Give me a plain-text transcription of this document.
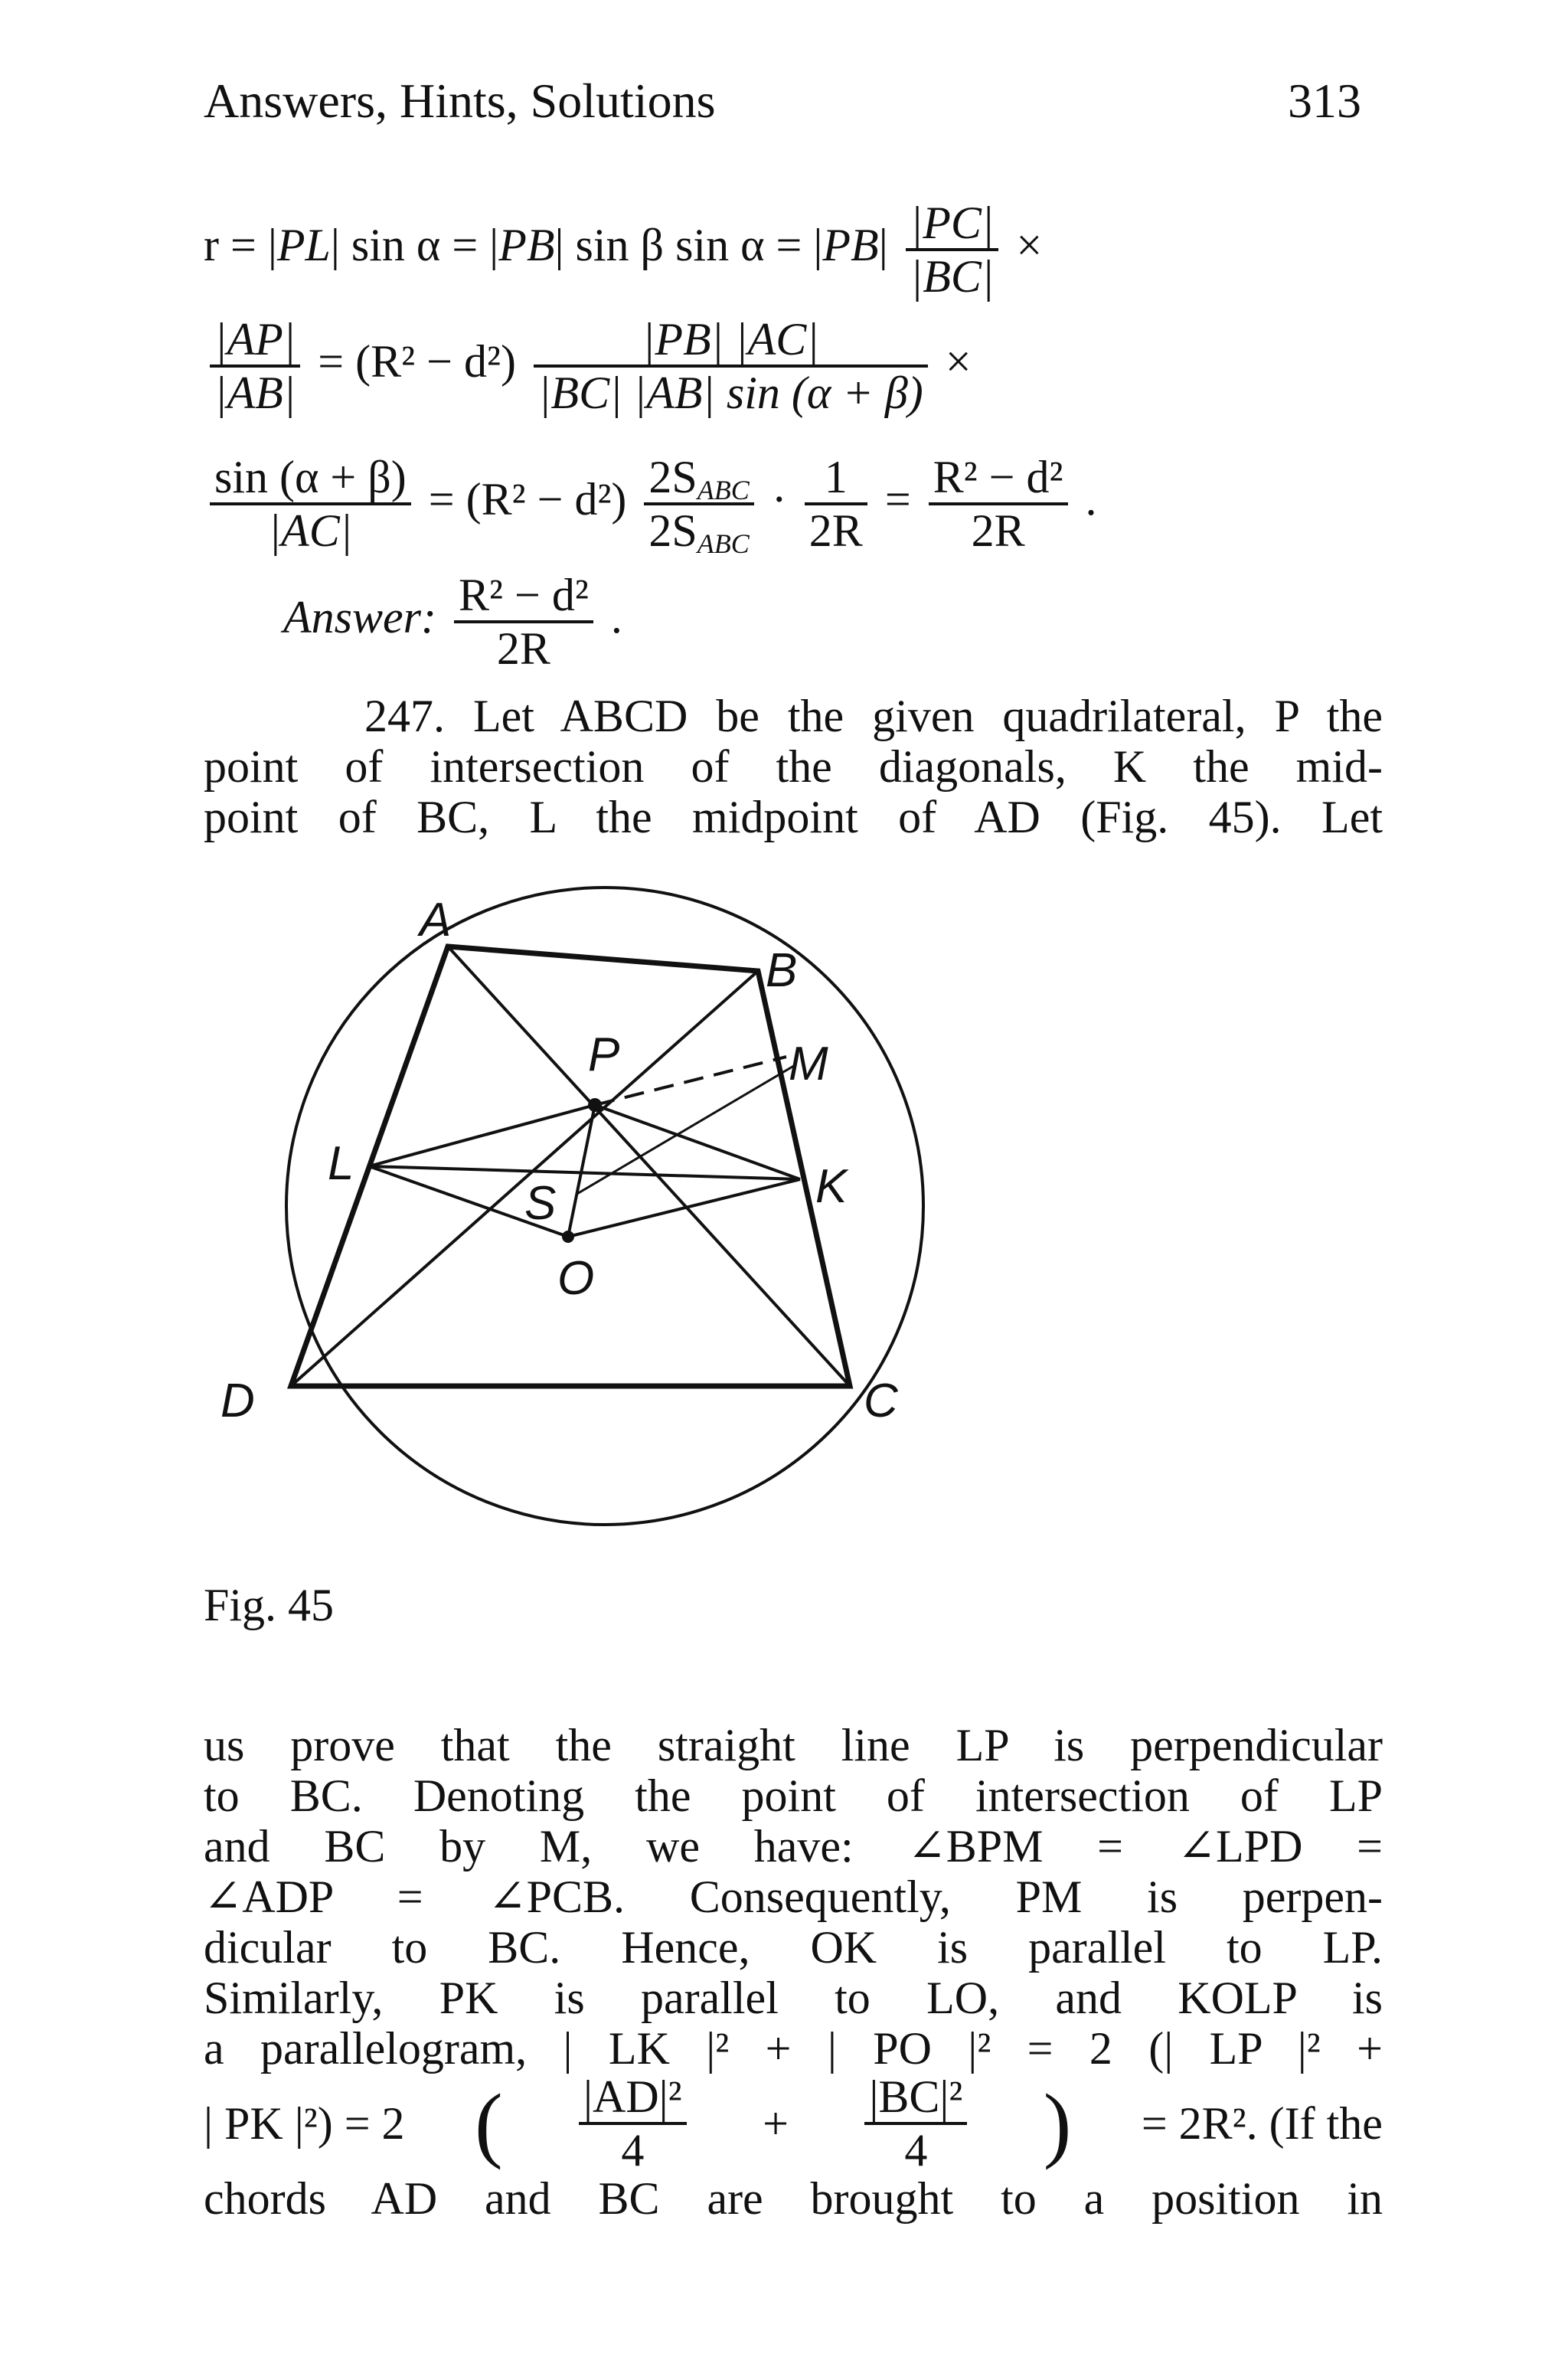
Answers, Hints, Solutions	313
r = |PL| sin α = |PB| sin β $\sin \alpha = |PB| \frac{|PC|}{|BC|}$ ×
$\frac{|AP|}{|AB|} = (R^2 - d^2) \frac{|PB| |AC|}{|BC| |AB| \sin (\alpha + \beta)}$ ×
$\frac{\sin (\alpha + \beta)}{|AC|} = (R^2 - d^2) \frac{2S_{ABC}}{2S_{ABC}} \cdot \frac{1}{2R} = \frac{\text{R² − d²}}{2R}$ .
Answer: $\frac{\text{R² − d²}}{2R}$ .
247. Let ABCD be the given quadrilateral, P the
point of intersection of the diagonals, K the mid-
point of BC, L the midpoint of AD (Fig. 45). Let
A
B
C
D
P	M
K
L
S
O
Fig. 45
us prove that the straight line LP is perpendicular
to BC. Denoting the point of intersection of LP
and BC by M, we have: ∠BPM = ∠LPD =
∠ADP = ∠PCB. Consequently, PM is perpen-
dicular to BC. Hence, OK is parallel to LP.
Similarly, PK is parallel to LO, and KOLP is
a parallelogram, | LK |² + | PO |² = 2 (| LP |² +
| PK |²) = 2 ( $\frac{\text{|AD|²}}{4} + \frac{\text{|BC|²}}{4}$ ) = 2R². (If the
chords AD and BC are brought to a position in
